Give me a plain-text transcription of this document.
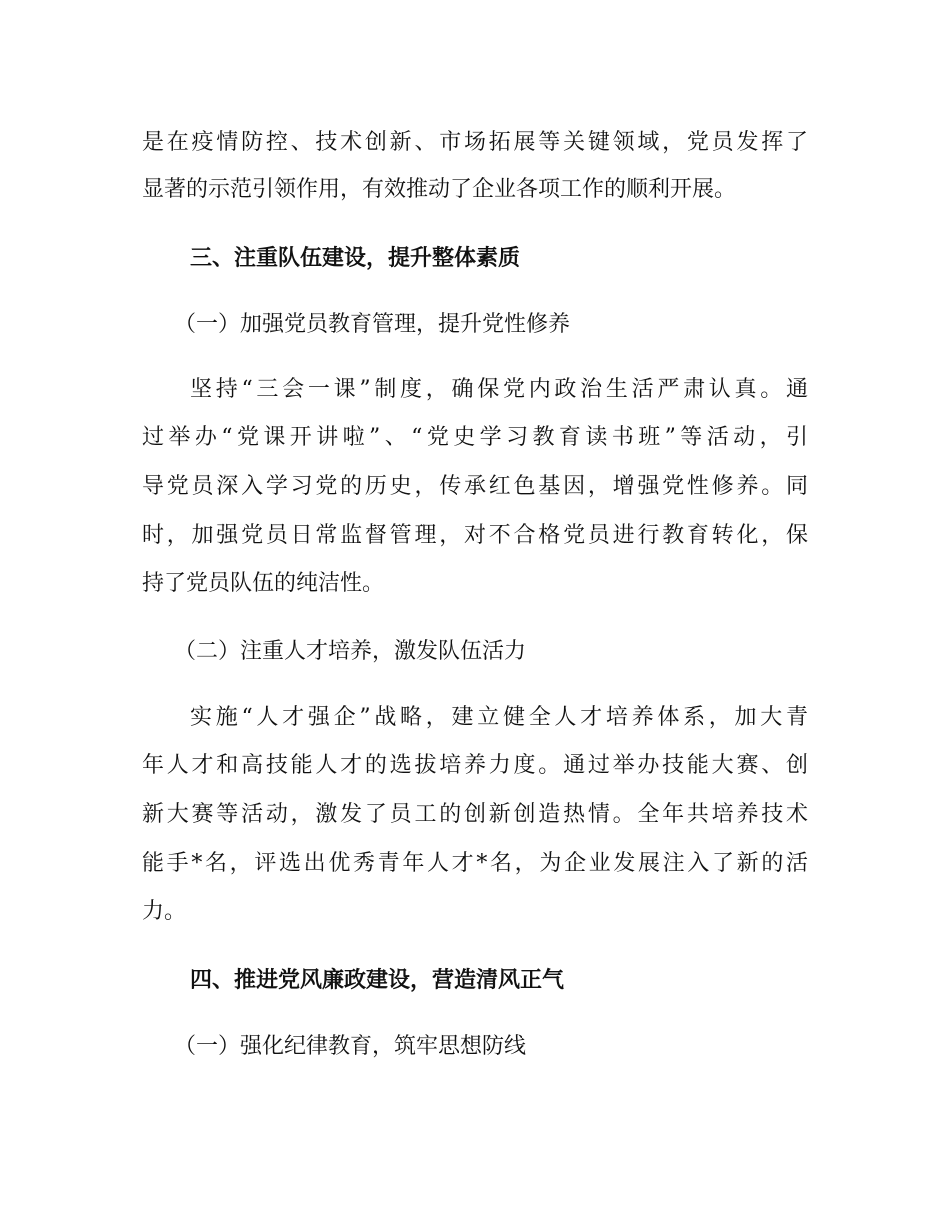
是在疫情防控、技术创新、市场拓展等关键领域，党员发挥了
显著的示范引领作用，有效推动了企业各项工作的顺利开展。
三、注重队伍建设，提升整体素质
（一）加强党员教育管理，提升党性修养
坚持“三会一课”制度，确保党内政治生活严肃认真。通
过举办“党课开讲啦”、“党史学习教育读书班”等活动，引
导党员深入学习党的历史，传承红色基因，增强党性修养。同
时，加强党员日常监督管理，对不合格党员进行教育转化，保
持了党员队伍的纯洁性。
（二）注重人才培养，激发队伍活力
实施“人才强企”战略，建立健全人才培养体系，加大青
年人才和高技能人才的选拔培养力度。通过举办技能大赛、创
新大赛等活动，激发了员工的创新创造热情。全年共培养技术
能手*名，评选出优秀青年人才*名，为企业发展注入了新的活
力。
四、推进党风廉政建设，营造清风正气
（一）强化纪律教育，筑牢思想防线
